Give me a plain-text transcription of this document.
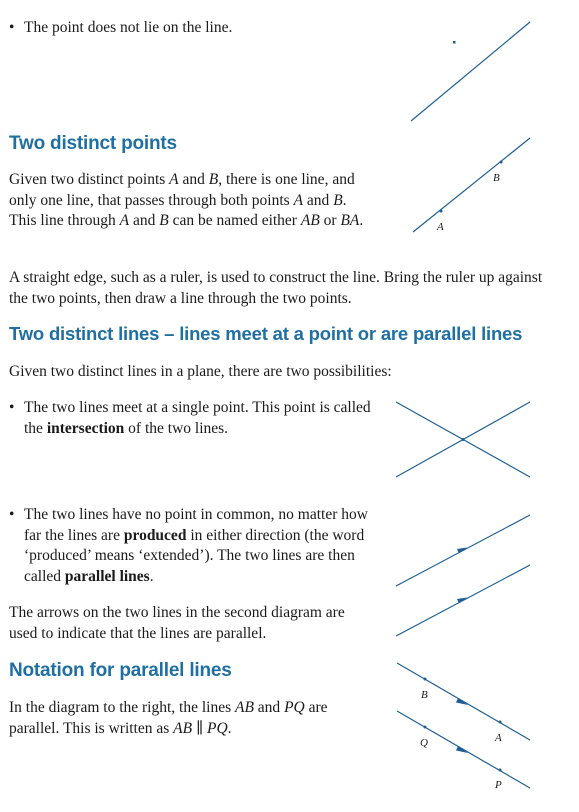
• The point does not lie on the line.

Two distinct points

Given two distinct points A and B, there is one line, and
only one line, that passes through both points A and B.
This line through A and B can be named either AB or BA.	A
B

A straight edge, such as a ruler, is used to construct the line. Bring the ruler up against the two points, then draw a line through the two points.

Two distinct lines – lines meet at a point or are parallel lines

Given two distinct lines in a plane, there are two possibilities:

• The two lines meet at a single point. This point is called the intersection of the two lines.

• The two lines have no point in common, no matter how far the lines are produced in either direction (the word ‘produced’ means ‘extended’). The two lines are then called parallel lines.

The arrows on the two lines in the second diagram are used to indicate that the lines are parallel.

Notation for parallel lines

In the diagram to the right, the lines AB and PQ are parallel. This is written as AB ∥ PQ.

B
A
Q
P
